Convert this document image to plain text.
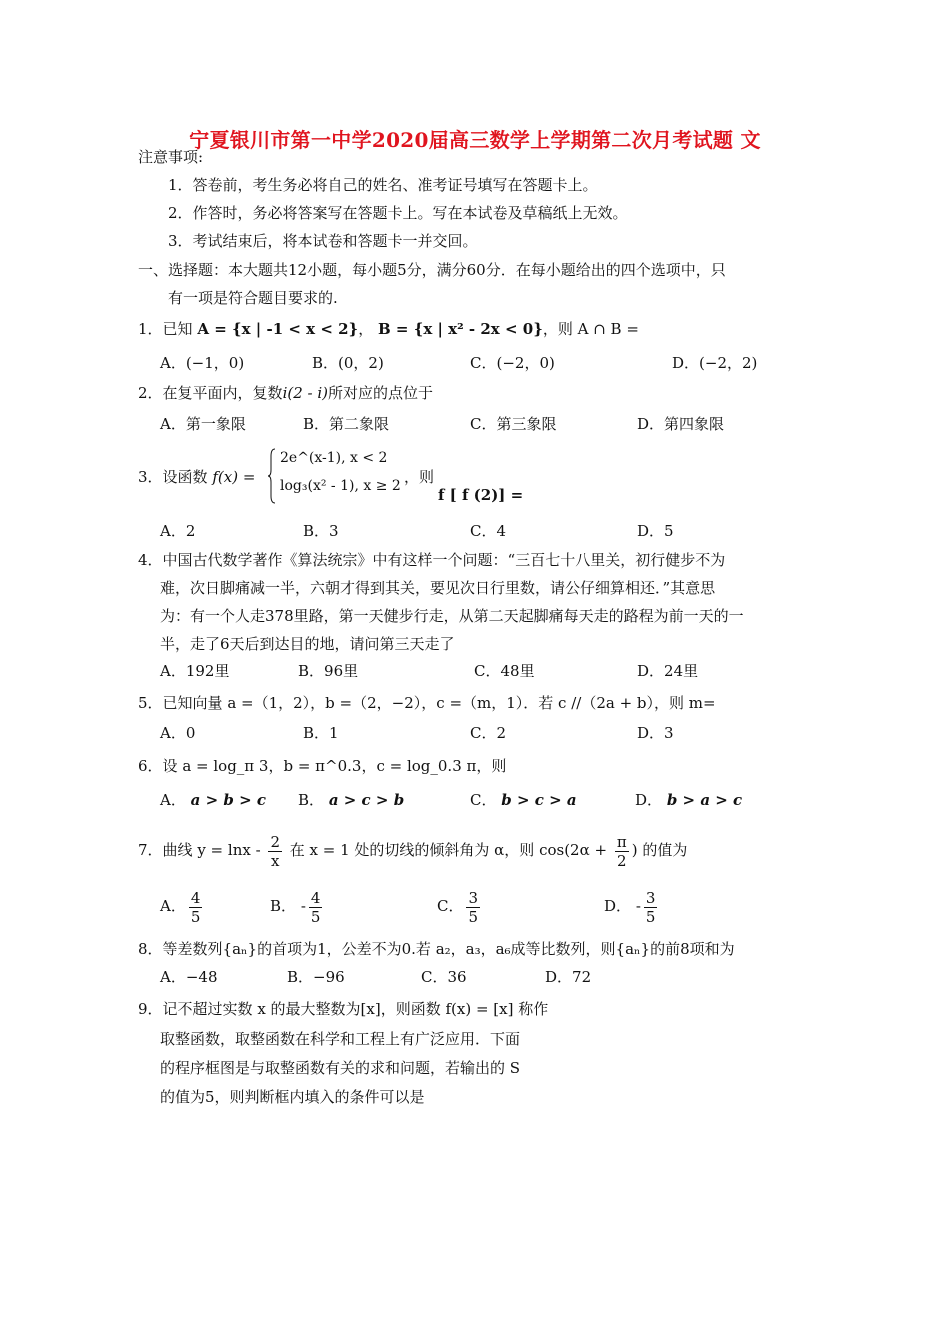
宁夏银川市第一中学2020届高三数学上学期第二次月考试题 文
注意事项:
1．答卷前，考生务必将自己的姓名、准考证号填写在答题卡上。
2．作答时，务必将答案写在答题卡上。写在本试卷及草稿纸上无效。
3．考试结束后，将本试卷和答题卡一并交回。
一、选择题：本大题共12小题，每小题5分，满分60分．在每小题给出的四个选项中，只
有一项是符合题目要求的.
1．已知 A = {x | -1 < x < 2}， B = {x | x² - 2x < 0}，则 A ∩ B =
A．(−1，0)	B．(0，2)	C．(−2，0)	D．(−2，2)
2．在复平面内，复数i(2 - i)所对应的点位于
A．第一象限	B．第二象限	C．第三象限	D．第四象限
3．设函数 f(x) =
2e^(x-1), x < 2
log₃(x² - 1), x ≥ 2 ，则
f [ f (2)] =
A．2	B．3	C．4	D．5
4．中国古代数学著作《算法统宗》中有这样一个问题：“三百七十八里关，初行健步不为
难，次日脚痛减一半，六朝才得到其关，要见次日行里数，请公仔细算相还．”其意思
为：有一个人走378里路，第一天健步行走，从第二天起脚痛每天走的路程为前一天的一
半，走了6天后到达目的地，请问第三天走了
A．192里	B．96里	C．48里	D．24里
5．已知向量 a =（1，2），b =（2，−2），c =（m，1）．若 c //（2a + b），则 m=
A．0	B．1	C．2	D．3
6．设 a = log_π 3，b = π^0.3，c = log_0.3 π，则
A． a > b > c B． a > c > b	C． b > c > a	D． b > a > c
7．曲线 $y = \ln x - \frac{2}{x}$ 在 x = 1 处的切线的倾斜角为 α，则 $\cos(2\alpha + \frac{\pi}{2}$ ) 的值为
A． $\frac{4}{5}$	B． - $\frac{4}{5}$	C． $\frac{3}{5}$	D． - $\frac{3}{5}$
8．等差数列{aₙ}的首项为1，公差不为0.若 a₂，a₃，a₆成等比数列，则{aₙ}的前8项和为
A．−48	B．−96	C．36	D．72
9．记不超过实数 x 的最大整数为[x]，则函数 f(x) = [x] 称作
取整函数，取整函数在科学和工程上有广泛应用．下面
的程序框图是与取整函数有关的求和问题，若输出的 S
的值为5，则判断框内填入的条件可以是
